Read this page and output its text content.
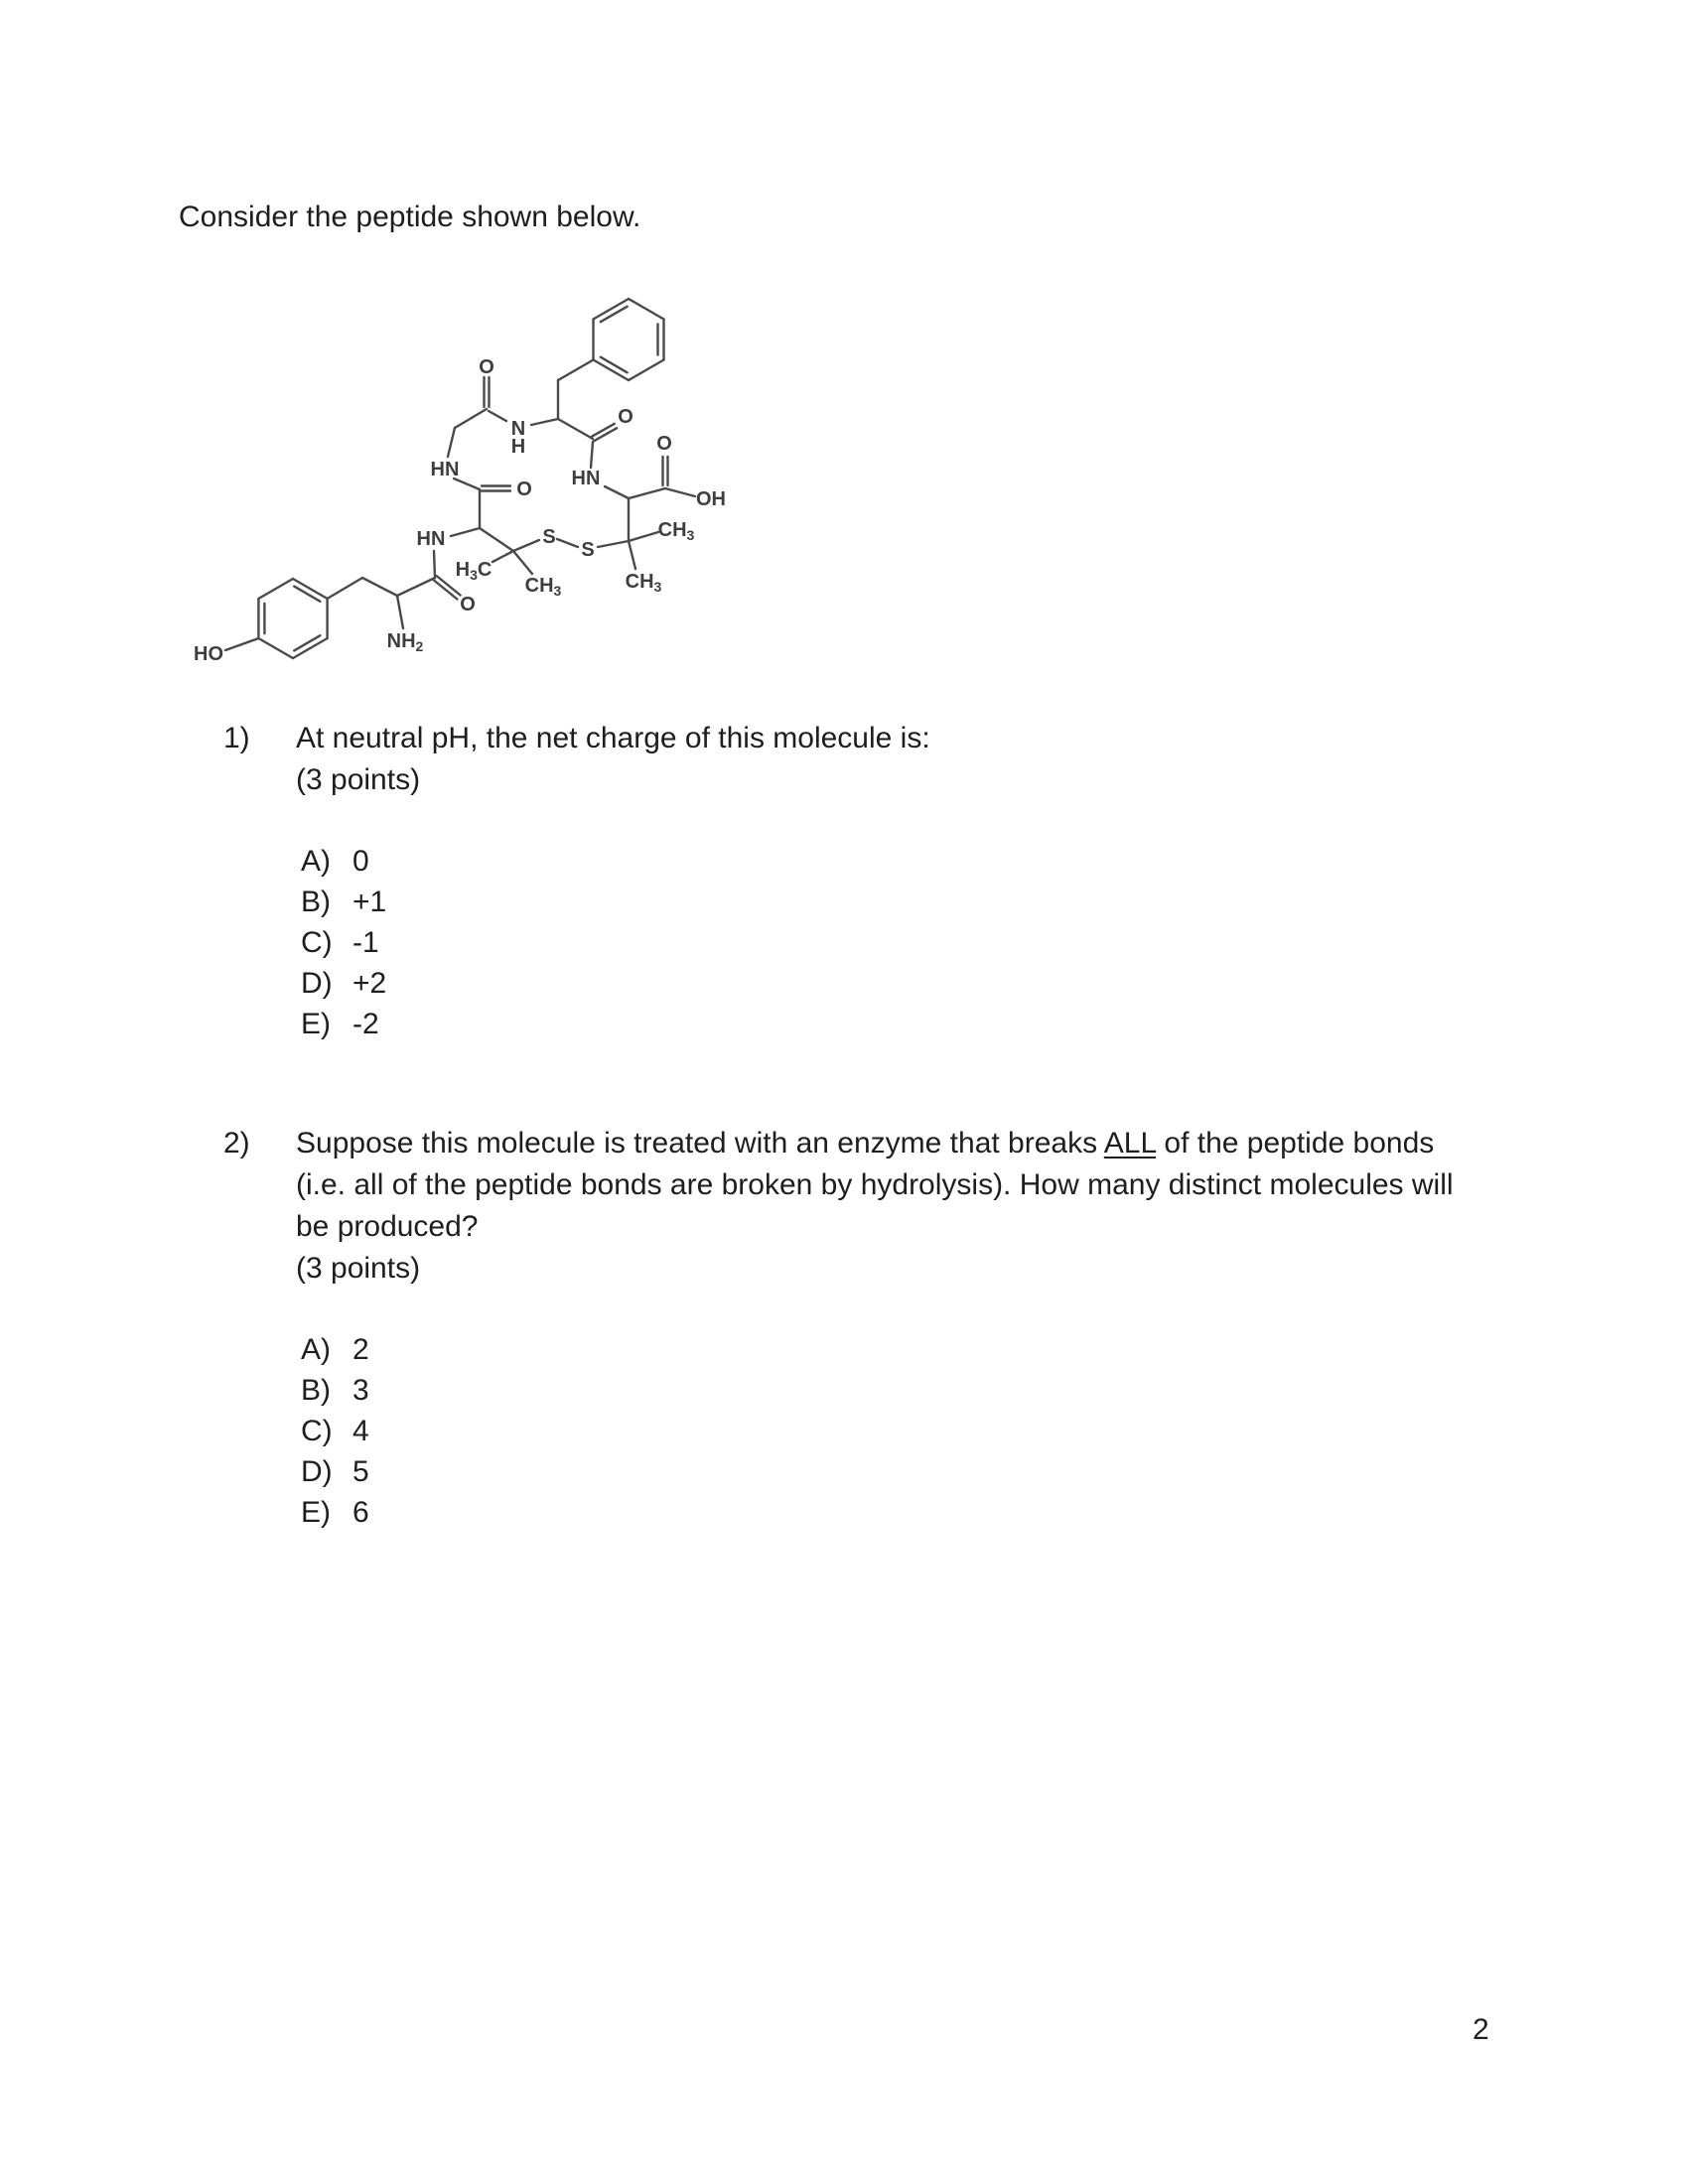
Consider the peptide shown below.
O
N
H
HN
O
HN
O
$NH_2$
HO
$H_3C$
$CH_3$
S
S
$CH_3$
$CH_3$
HN
O
O
OH
1)	At neutral pH, the net charge of this molecule is:
(3 points)
A) 0
B) +1
C) -1
D) +2
E) -2
2)	Suppose this molecule is treated with an enzyme that breaks ALL of the peptide bonds
(i.e. all of the peptide bonds are broken by hydrolysis). How many distinct molecules will
be produced?
(3 points)
A) 2
B) 3
C) 4
D) 5
E) 6
2
